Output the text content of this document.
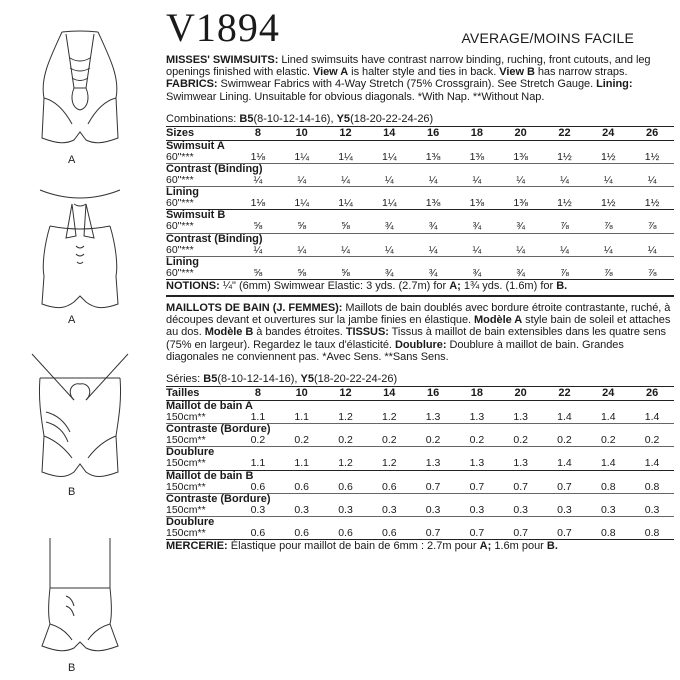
A
A
B
B
V1894	AVERAGE/MOINS FACILE

MISSES' SWIMSUITS: Lined swimsuits have contrast narrow binding, ruching, front cutouts, and leg openings finished with elastic. View A is halter style and ties in back. View B has narrow straps. FABRICS: Swimwear Fabrics with 4-Way Stretch (75% Crossgrain). See Stretch Gauge. Lining: Swimwear Lining. Unsuitable for obvious diagonals. *With Nap. **Without Nap.

Combinations: B5(8-10-12-14-16), Y5(18-20-22-24-26)
Sizes	8	10	12	14	16	18	20	22	24	26
Swimsuit A										
60"***	1⅛	1¼	1¼	1¼	1⅜	1⅜	1⅜	1½	1½	1½
Contrast (Binding)										
60"***	¼	¼	¼	¼	¼	¼	¼	¼	¼	¼
Lining										
60"***	1⅛	1¼	1¼	1¼	1⅜	1⅜	1⅜	1½	1½	1½
Swimsuit B										
60"***	⅝	⅝	⅝	¾	¾	¾	¾	⅞	⅞	⅞
Contrast (Binding)										
60"***	¼	¼	¼	¼	¼	¼	¼	¼	¼	¼
Lining										
60"***	⅝	⅝	⅝	¾	¾	¾	¾	⅞	⅞	⅞
NOTIONS: ¼" (6mm) Swimwear Elastic: 3 yds. (2.7m) for A; 1¾ yds. (1.6m) for B.

MAILLOTS DE BAIN (J. FEMMES): Maillots de bain doublés avec bordure étroite contrastante, ruché, à découpes devant et ouvertures sur la jambe finies en élastique. Modèle A style bain de soleil et attaches au dos. Modèle B à bandes étroites. TISSUS: Tissus à maillot de bain extensibles dans les quatre sens (75% en largeur). Regardez le taux d'élasticité. Doublure: Doublure à maillot de bain. Grandes diagonales ne conviennent pas. *Avec Sens. **Sans Sens.

Séries: B5(8-10-12-14-16), Y5(18-20-22-24-26)
Tailles	8	10	12	14	16	18	20	22	24	26
Maillot de bain A										
150cm**	1.1	1.1	1.2	1.2	1.3	1.3	1.3	1.4	1.4	1.4
Contraste (Bordure)										
150cm**	0.2	0.2	0.2	0.2	0.2	0.2	0.2	0.2	0.2	0.2
Doublure										
150cm**	1.1	1.1	1.2	1.2	1.3	1.3	1.3	1.4	1.4	1.4
Maillot de bain B										
150cm**	0.6	0.6	0.6	0.6	0.7	0.7	0.7	0.7	0.8	0.8
Contraste (Bordure)										
150cm**	0.3	0.3	0.3	0.3	0.3	0.3	0.3	0.3	0.3	0.3
Doublure										
150cm**	0.6	0.6	0.6	0.6	0.7	0.7	0.7	0.7	0.8	0.8
MERCERIE: Élastique pour maillot de bain de 6mm : 2.7m pour A; 1.6m pour B.
